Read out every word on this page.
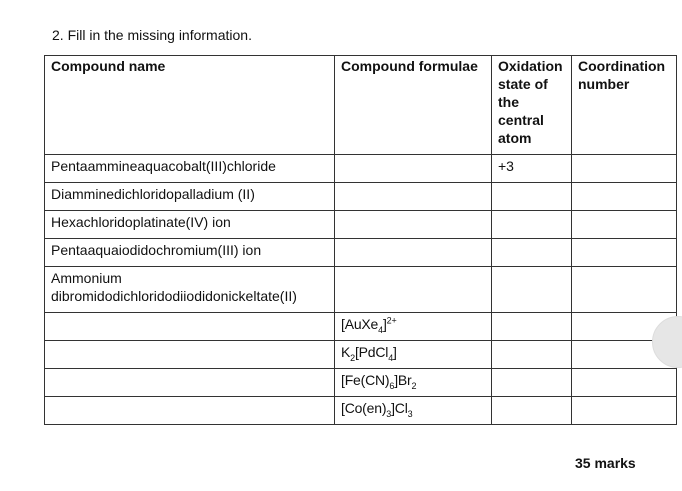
2. Fill in the missing information.
Compound name	Compound formulae	Oxidation state of the central atom	Coordination number
Pentaammineaquacobalt(III)chloride		+3	
Diamminedichloridopalladium (II)			
Hexachloridoplatinate(IV) ion			
Pentaaquaiodidochromium(III) ion			
Ammonium dibromidodichloridodiiodidonickeltate(II)			
	[AuXe$_4$]$^{2+}$		
	$K_2[PdCl_4]$		
	$[Fe(CN)_6]Br_2$		
	$[Co(en)_3]Cl_3$		
35 marks
